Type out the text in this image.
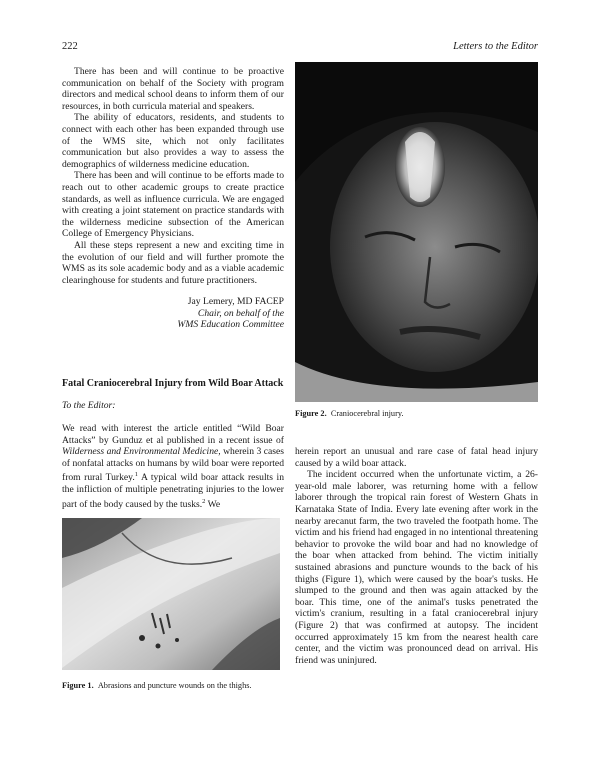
222	Letters to the Editor

There has been and will continue to be proactive communication on behalf of the Society with program directors and medical school deans to inform them of our resources, in both curricula material and speakers.

The ability of educators, residents, and students to connect with each other has been expanded through use of the WMS site, which not only facilitates communication but also provides a way to assess the demographics of wilderness medicine education.

There has been and will continue to be efforts made to reach out to other academic groups to create practice standards, as well as influence curricula. We are engaged with creating a joint statement on practice standards with the wilderness medicine subsection of the American College of Emergency Physicians.

All these steps represent a new and exciting time in the evolution of our field and will further promote the WMS as its sole academic body and as a viable academic clearinghouse for students and future practitioners.

Jay Lemery, MD FACEP
Chair, on behalf of the
WMS Education Committee
Fatal Craniocerebral Injury from Wild Boar Attack
To the Editor:

We read with interest the article entitled “Wild Boar Attacks” by Gunduz et al published in a recent issue of Wilderness and Environmental Medicine, wherein 3 cases of nonfatal attacks on humans by wild boar were reported from rural Turkey.$^1$ A typical wild boar attack results in the infliction of multiple penetrating injuries to the lower part of the body caused by the tusks.$^2$ We

Figure 1. Abrasions and puncture wounds on the thighs.
Figure 2. Craniocerebral injury.

herein report an unusual and rare case of fatal head injury caused by a wild boar attack.

The incident occurred when the unfortunate victim, a 26-year-old male laborer, was returning home with a fellow laborer through the tropical rain forest of Western Ghats in Karnataka State of India. Every late evening after work in the nearby arecanut farm, the two traveled the footpath home. The victim and his friend had engaged in no intentional threatening behavior to provoke the wild boar and had no knowledge of the boar when attacked from behind. The victim initially sustained abrasions and puncture wounds to the back of his thighs (Figure 1), which were caused by the boar's tusks. He slumped to the ground and then was again attacked by the boar. This time, one of the animal's tusks penetrated the victim's cranium, resulting in a fatal craniocerebral injury (Figure 2) that was confirmed at autopsy. The incident occurred approximately 15 km from the nearest health care center, and the victim was pronounced dead on arrival. His friend was uninjured.
